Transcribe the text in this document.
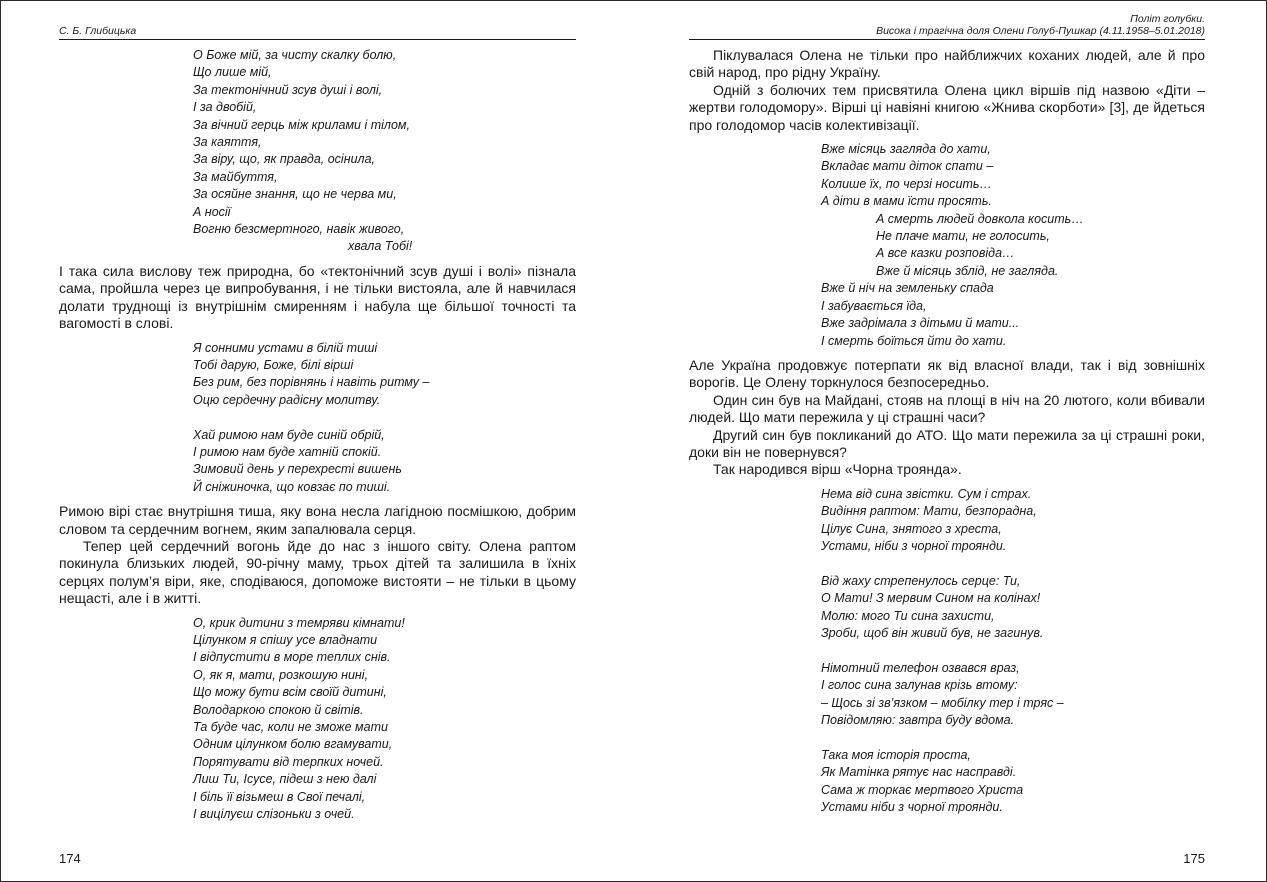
С. Б. Глибицька
О Боже мій, за чисту скалку болю,
Що лише мій,
За тектонічний зсув душі і волі,
І за двобій,
За вічний герць між крилами і тілом,
За каяття,
За віру, що, як правда, осінила,
За майбуття,
За осяйне знання, що не черва ми,
А носії
Вогню безсмертного, навік живого,
хвала Тобі!

І така сила вислову теж природна, бо «тектонічний зсув душі і волі» пізнала сама, пройшла через це випробування, і не тільки вистояла, але й навчилася долати труднощі із внутрішнім смиренням і набула ще більшої точності та вагомості в слові.

Я сонними устами в білій тиші
Тобі дарую, Боже, білі вірші
Без рим, без порівнянь і навіть ритму –
Оцю сердечну радісну молитву.
Хай римою нам буде синій обрій,
І римою нам буде хатній спокій.
Зимовий день у перехресті вишень
Й сніжиночка, що ковзає по тиші.

Римою вірі стає внутрішня тиша, яку вона несла лагідною посмішкою, добрим словом та сердечним вогнем, яким запалювала серця.

Тепер цей сердечний вогонь йде до нас з іншого світу. Олена раптом покинула близьких людей, 90-річну маму, трьох дітей та залишила в їхніх серцях полум’я віри, яке, сподіваюся, допоможе вистояти – не тільки в цьому нещасті, але і в житті.

О, крик дитини з темряви кімнати!
Цілунком я спішу усе владнати
І відпустити в море теплих снів.
О, як я, мати, розкошую нині,
Що можу бути всім своїй дитині,
Володаркою спокою й світів.
Та буде час, коли не зможе мати
Одним цілунком болю вгамувати,
Порятувати від терпких ночей.
Лиш Ти, Ісусе, підеш з нею далі
І біль її візьмеш в Свої печалі,
І вицілуєш слізоньки з очей.
174
Політ голубки.
Висока і трагічна доля Олени Голуб-Пушкар (4.11.1958–5.01.2018)

Піклувалася Олена не тільки про найближчих коханих людей, але й про свій народ, про рідну Україну.

Одній з болючих тем присвятила Олена цикл віршів під назвою «Діти – жертви голодомору». Вірші ці навіяні книгою «Жнива скорботи» [3], де йдеться про голодомор часів колективізації.

Вже місяць загляда до хати,
Вкладає мати діток спати –
Колише їх, по черзі носить…
А діти в мами їсти просять.
А смерть людей довкола косить…
Не плаче мати, не голосить,
А все казки розповіда…
Вже й місяць зблід, не загляда.
Вже й ніч на земленьку спада
І забувається їда,
Вже задрімала з дітьми й мати...
І смерть боїться йти до хати.

Але Україна продовжує потерпати як від власної влади, так і від зовнішніх ворогів. Це Олену торкнулося безпосередньо.

Один син був на Майдані, стояв на площі в ніч на 20 лютого, коли вбивали людей. Що мати пережила у ці страшні часи?

Другий син був покликаний до АТО. Що мати пережила за ці страшні роки, доки він не повернувся?

Так народився вірш «Чорна троянда».

Нема від сина звістки. Сум і страх.
Видіння раптом: Мати, безпорадна,
Цілує Сина, знятого з хреста,
Устами, ніби з чорної троянди.
Від жаху стрепенулось серце: Ти,
О Мати! З мервим Сином на колінах!
Молю: мого Ти сина захисти,
Зроби, щоб він живий був, не загинув.
Німотний телефон озвався враз,
І голос сина залунав крізь втому:
– Щось зі зв’язком – мобілку тер і тряс –
Повідомляю: завтра буду вдома.
Така моя історія проста,
Як Матінка рятує нас насправді.
Сама ж торкає мертвого Христа
Устами ніби з чорної троянди.
175
